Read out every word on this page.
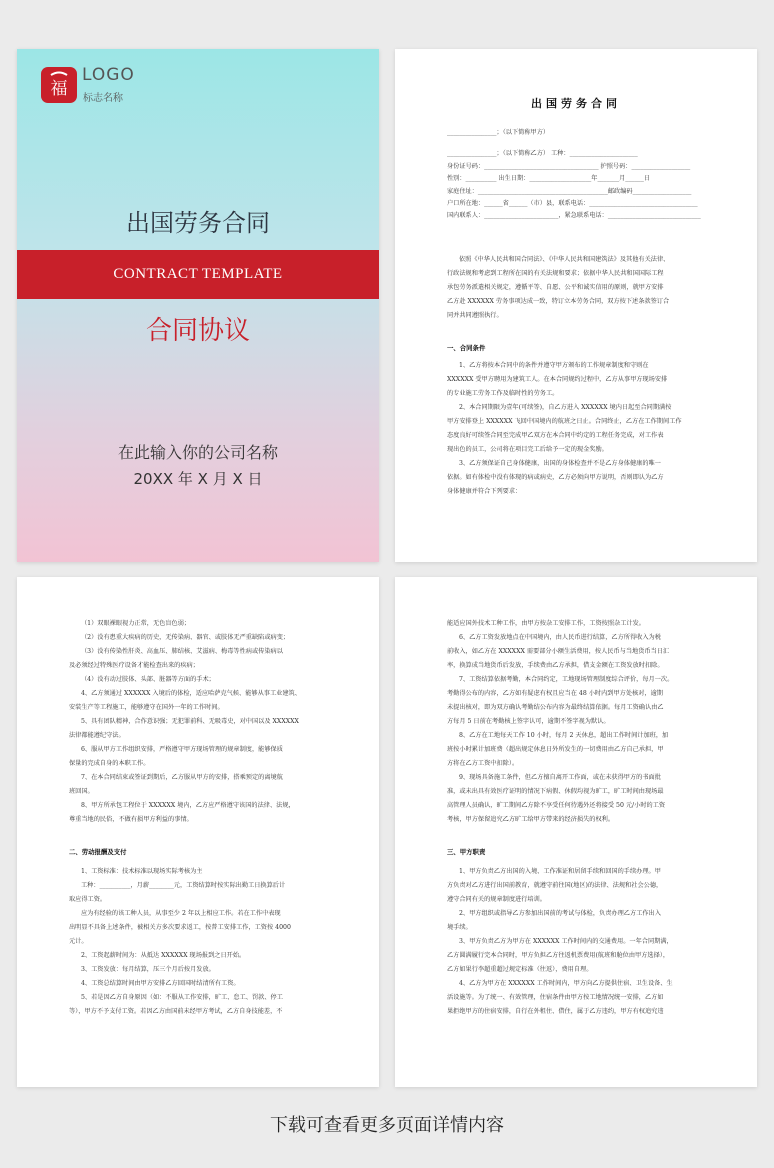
福
LOGO
标志名称
出国劳务合同
CONTRACT TEMPLATE
合同协议
在此输入你的公司名称
20XX 年 X 月 X 日
出国劳务合同
________________；（以下简称甲方）
________________；（以下简称乙方） 工种：______________________
身份证号码：_____________________________________ 护照号码：___________________
性别：__________ 出生日期：____________________年_______月______日
家庭住址：__________________________________________邮政编码___________________
户口所在地：______省______（市）县，联系电话：___________________________________
国内联系人：________________________，紧急联系电话：______________________________
依照《中华人民共和国合同法》、《中华人民共和国建筑法》及其他有关法律、
行政法规和考虑到工程所在国的有关法规和要求；依据中华人民共和国国际工程
承包劳务派遣相关规定，遵循平等、自愿、公平和诚实信用的原则，就甲方安排
乙方赴 XXXXXX 劳务事项达成一致，特订立本劳务合同，双方按下述条款签订合
同并共同遵照执行。
一、合同条件
1、乙方将按本合同中的条件并遵守甲方颁布的工作规章制度和守则在
XXXXXX 受甲方聘用为建筑工人。在本合同规约过程中，乙方从事甲方现场安排
的专业施工劳务工作及临时性的劳务工。
2、本合同期限为壹年(可续签)，自乙方进入 XXXXXX 境内日起至合同期满按
甲方安排登上 XXXXXX 飞回中国境内的航班之日止。合同终止，乙方在工作期间工作
态度良好可续签合同至完成甲乙双方在本合同中约定的工程任务完成，对工作表
现出色的员工，公司将在项目完工后给予一定的现金奖励。
3、乙方须保证自己身体健康，出国的身体检查并不是乙方身体健康的唯一
依据。如有体检中没有体现的病或病史，乙方必须向甲方说明，否则即认为乙方
身体健康并符合下列要求：
（1）双眼裸眼视力正常，无色盲色弱；
（2）没有患重大疾病的历史，无传染病、器官、或肢体无严重缺陷或病变；
（3）没有传染性肝炎、高血压、肺结核、艾滋病、梅毒等性病或传染病以
及必须经过特殊医疗设备才能检查出来的疾病；
（4）没有动过肢体、头部、脏器等方面的手术；
4、乙方须通过 XXXXXX 入境后的体检，适应哈萨克气候、能够从事工业建筑、
安装生产等工程施工，能够遵守在国外一年的工作时间。
5、具有团队精神，合作意识强；无犯罪前科、无吸毒史，对中国以及 XXXXXX
法律都能遵纪守法。
6、服从甲方工作组织安排，严格遵守甲方现场管理的规章制度，能够保质
保量的完成自身的本职工作。
7、在本合同结束或签证到期后，乙方服从甲方的安排，搭乘预定的离境航
班回国。
8、甲方所承包工程位于 XXXXXX 境内，乙方应严格遵守该国的法律、法规，
尊重当地的民俗，不做有损甲方利益的事情。
二、劳动报酬及支付
1、工资标准：技术标准以现场实际考核为主
工种：__________，月薪________元，工资结算时按实际出勤工日换算后计
取应得工资。
应为有经验的该工种人员，从事至少 2 年以上相应工作。若在工作中表现
出明显不具备上述条件，被相关方多次要求返工，按普工安排工作，工资按 4000
元计。
2、工资起薪时间为：从抵达 XXXXXX 现场报到之日开始。
3、工资发放：每月结算，压三个月后按月发放。
4、工资总结算时间由甲方安排乙方回国时结清所有工资。
5、若是因乙方自身原因（如：不服从工作安排，旷工、怠工、罚款、停工
等），甲方不予支付工资。若因乙方由国前未经甲方考试，乙方自身技能差，不
能适应国外技术工种工作，由甲方按杂工安排工作，工资按照杂工计发。
6、乙方工资发放地点在中国境内，由人民币进行结算，乙方所得收入为税
前收入，如乙方在 XXXXXX 需要部分小额生活费用，按人民币与当地货币当日汇
率，换算成当地货币后发放，手续费由乙方承担，借支金额在工资发放时扣除。
7、工资结算依据考勤，本合同约定，工地现场管理制度综合评价，每月一次。
考勤得公布的内容，乙方如有疑虑有权且应当在 48 小时内到甲方处核对，逾期
未提出核对，即为双方确认考勤结公布内容为最终结算依据。每月工资确认由乙
方每月 5 日前在考勤核上签字认可，逾期不签字视为默认。
8、乙方在工地每天工作 10 小时，每月 2 天休息，超出工作时间计加班，加
班按小时累计加班费（超出规定休息日外所发生的一切费用由乙方自己承担，甲
方将在乙方工资中扣除）。
9、现场具备施工条件，但乙方擅自离开工作面，或在未获得甲方的书面批
准，或未出具有效医疗证明的情况下病假、休假均视为旷工，旷工时间由现场最
高管理人员确认，旷工期间乙方除不享受任何待遇外还将接受 50 元/小时的工资
考核，甲方保留追究乙方旷工给甲方带来的经济损失的权利。
三、甲方职责
1、甲方负责乙方出国的入境、工作准证和居留手续和回国的手续办理。甲
方负责对乙方进行出国前教育，就遵守前往国(地区)的法律、法规和社会公德，
遵守合同有关的规章制度进行培训。
2、甲方组织或指导乙方参加出国前的考试与体检，负责办理乙方工作出入
境手续。
3、甲方负责乙方为甲方在 XXXXXX 工作时间内的交通费用。一年合同期满，
乙方圆满履行完本合同时，甲方负担乙方往返机票费用(航班和舱位由甲方选择），
乙方如果行李超重超过规定标准（往返），费用自理。
4、乙方为甲方在 XXXXXX 工作时间内，甲方向乙方提供住宿、卫生设备、生
活设施等。为了统一、有效管理，住宿条件由甲方按工地情况统一安排，乙方如
果拒绝甲方的住宿安排，自行在外租住、借住，属于乙方违约，甲方有权追究违
下载可查看更多页面详情内容
